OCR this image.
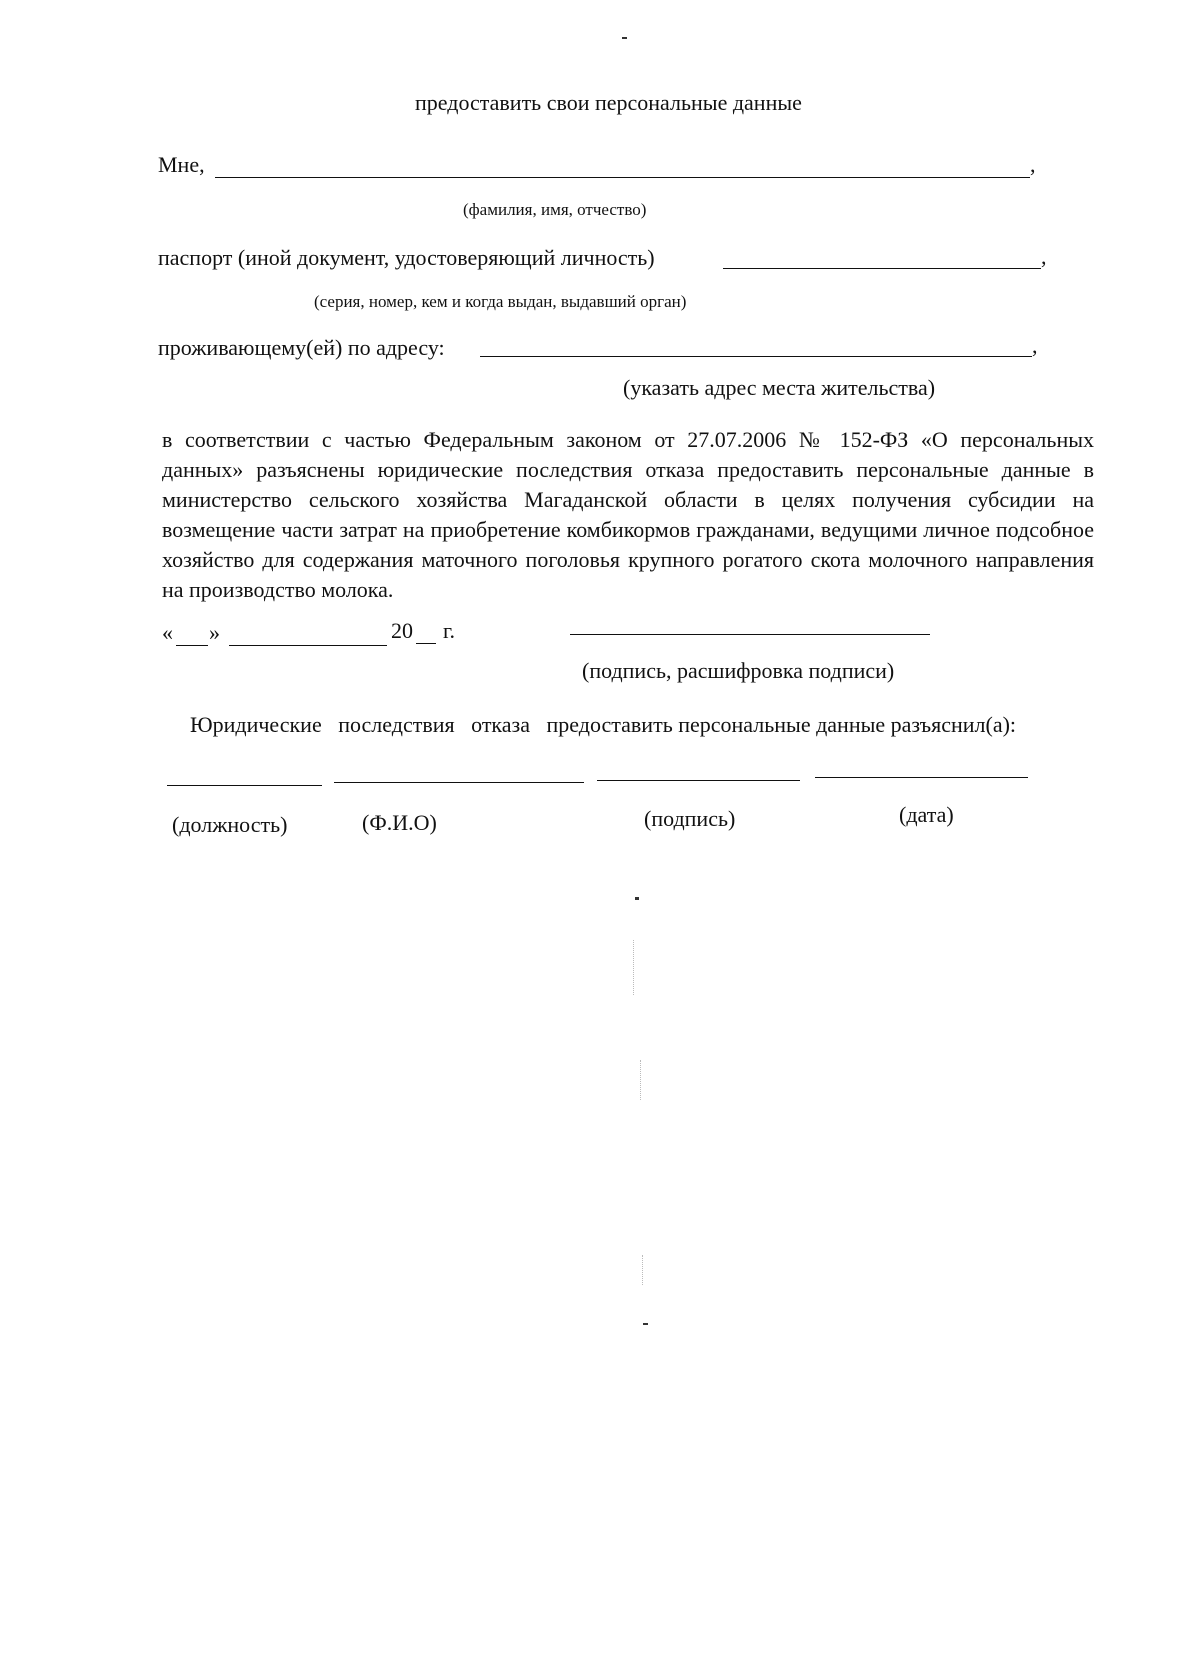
предоставить свои персональные данные
Мне,	,
(фамилия, имя, отчество)
паспорт (иной документ, удостоверяющий личность)	,
(серия, номер, кем и когда выдан, выдавший орган)
проживающему(ей) по адресу:	,
(указать адрес места жительства)
в соответствии с частью Федеральным законом от 27.07.2006 № 152-ФЗ «О персональных данных» разъяснены юридические последствия отказа предоставить персональные данные в министерство сельского хозяйства Магаданской области в целях получения субсидии на возмещение части затрат на приобретение комбикормов гражданами, ведущими личное подсобное хозяйство для содержания маточного поголовья крупного рогатого скота молочного направления на производство молока.
« »	20 г.
(подпись, расшифровка подписи)
Юридические   последствия   отказа   предоставить персональные данные разъяснил(а):
(должность)	(Ф.И.О)	(подпись)	(дата)
